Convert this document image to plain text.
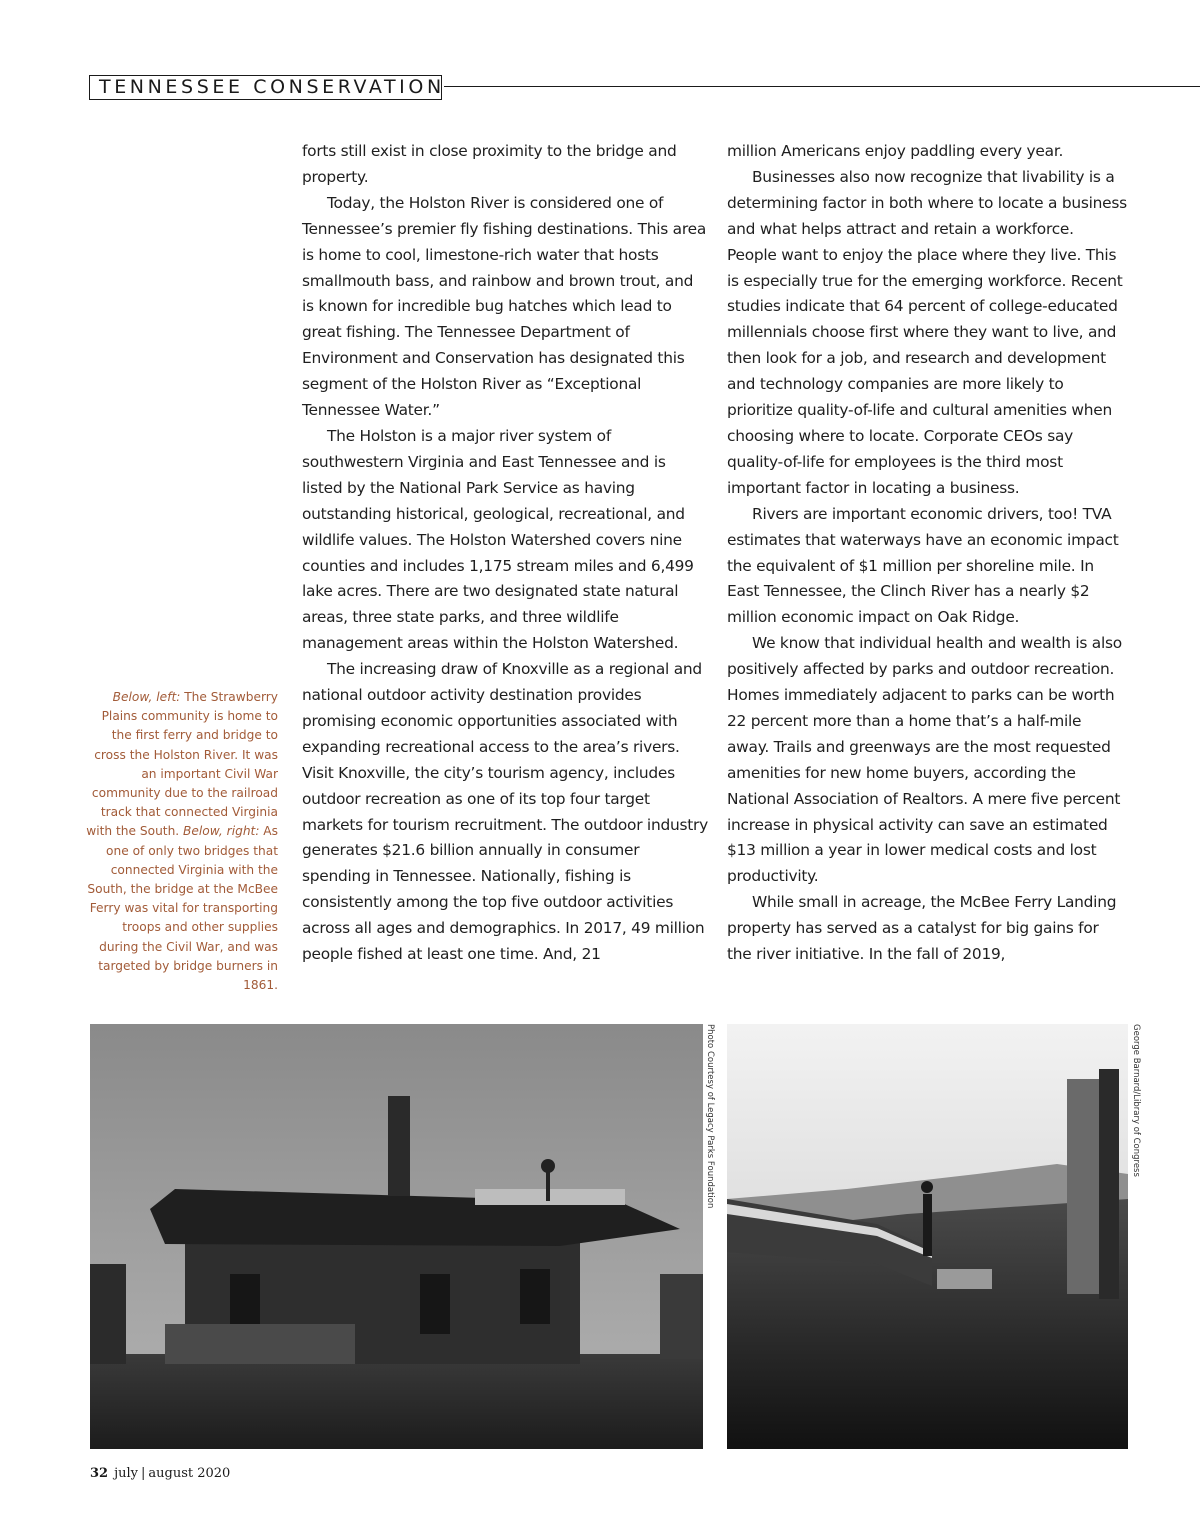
TENNESSEE CONSERVATION

Below, left: The Strawberry Plains community is home to the first ferry and bridge to cross the Holston River. It was an important Civil War community due to the railroad track that connected Virginia with the South. Below, right: As one of only two bridges that connected Virginia with the South, the bridge at the McBee Ferry was vital for transporting troops and other supplies during the Civil War, and was targeted by bridge burners in 1861.

forts still exist in close proximity to the bridge and property.

Today, the Holston River is considered one of Tennessee’s premier fly fishing destinations. This area is home to cool, limestone-rich water that hosts smallmouth bass, and rainbow and brown trout, and is known for incredible bug hatches which lead to great fishing. The Tennessee Department of Environment and Conservation has designated this segment of the Holston River as “Exceptional Tennessee Water.”

The Holston is a major river system of southwestern Virginia and East Tennessee and is listed by the National Park Service as having outstanding historical, geological, recreational, and wildlife values. The Holston Watershed covers nine counties and includes 1,175 stream miles and 6,499 lake acres. There are two designated state natural areas, three state parks, and three wildlife management areas within the Holston Watershed.

The increasing draw of Knoxville as a regional and national outdoor activity destination provides promising economic opportunities associated with expanding recreational access to the area’s rivers. Visit Knoxville, the city’s tourism agency, includes outdoor recreation as one of its top four target markets for tourism recruitment. The outdoor industry generates $21.6 billion annually in consumer spending in Tennessee. Nationally, fishing is consistently among the top five outdoor activities across all ages and demographics. In 2017, 49 million people fished at least one time. And, 21

million Americans enjoy paddling every year.

Businesses also now recognize that livability is a determining factor in both where to locate a business and what helps attract and retain a workforce. People want to enjoy the place where they live. This is especially true for the emerging workforce. Recent studies indicate that 64 percent of college-educated millennials choose first where they want to live, and then look for a job, and research and development and technology companies are more likely to prioritize quality-of-life and cultural amenities when choosing where to locate. Corporate CEOs say quality-of-life for employees is the third most important factor in locating a business.

Rivers are important economic drivers, too! TVA estimates that waterways have an economic impact the equivalent of $1 million per shoreline mile. In East Tennessee, the Clinch River has a nearly $2 million economic impact on Oak Ridge.

We know that individual health and wealth is also positively affected by parks and outdoor recreation. Homes immediately adjacent to parks can be worth 22 percent more than a home that’s a half-mile away. Trails and greenways are the most requested amenities for new home buyers, according the National Association of Realtors. A mere five percent increase in physical activity can save an estimated $13 million a year in lower medical costs and lost productivity.

While small in acreage, the McBee Ferry Landing property has served as a catalyst for big gains for the river initiative. In the fall of 2019,

Photo Courtesy of Legacy Parks Foundation	George Barnard/Library of Congress
32 july | august 2020
